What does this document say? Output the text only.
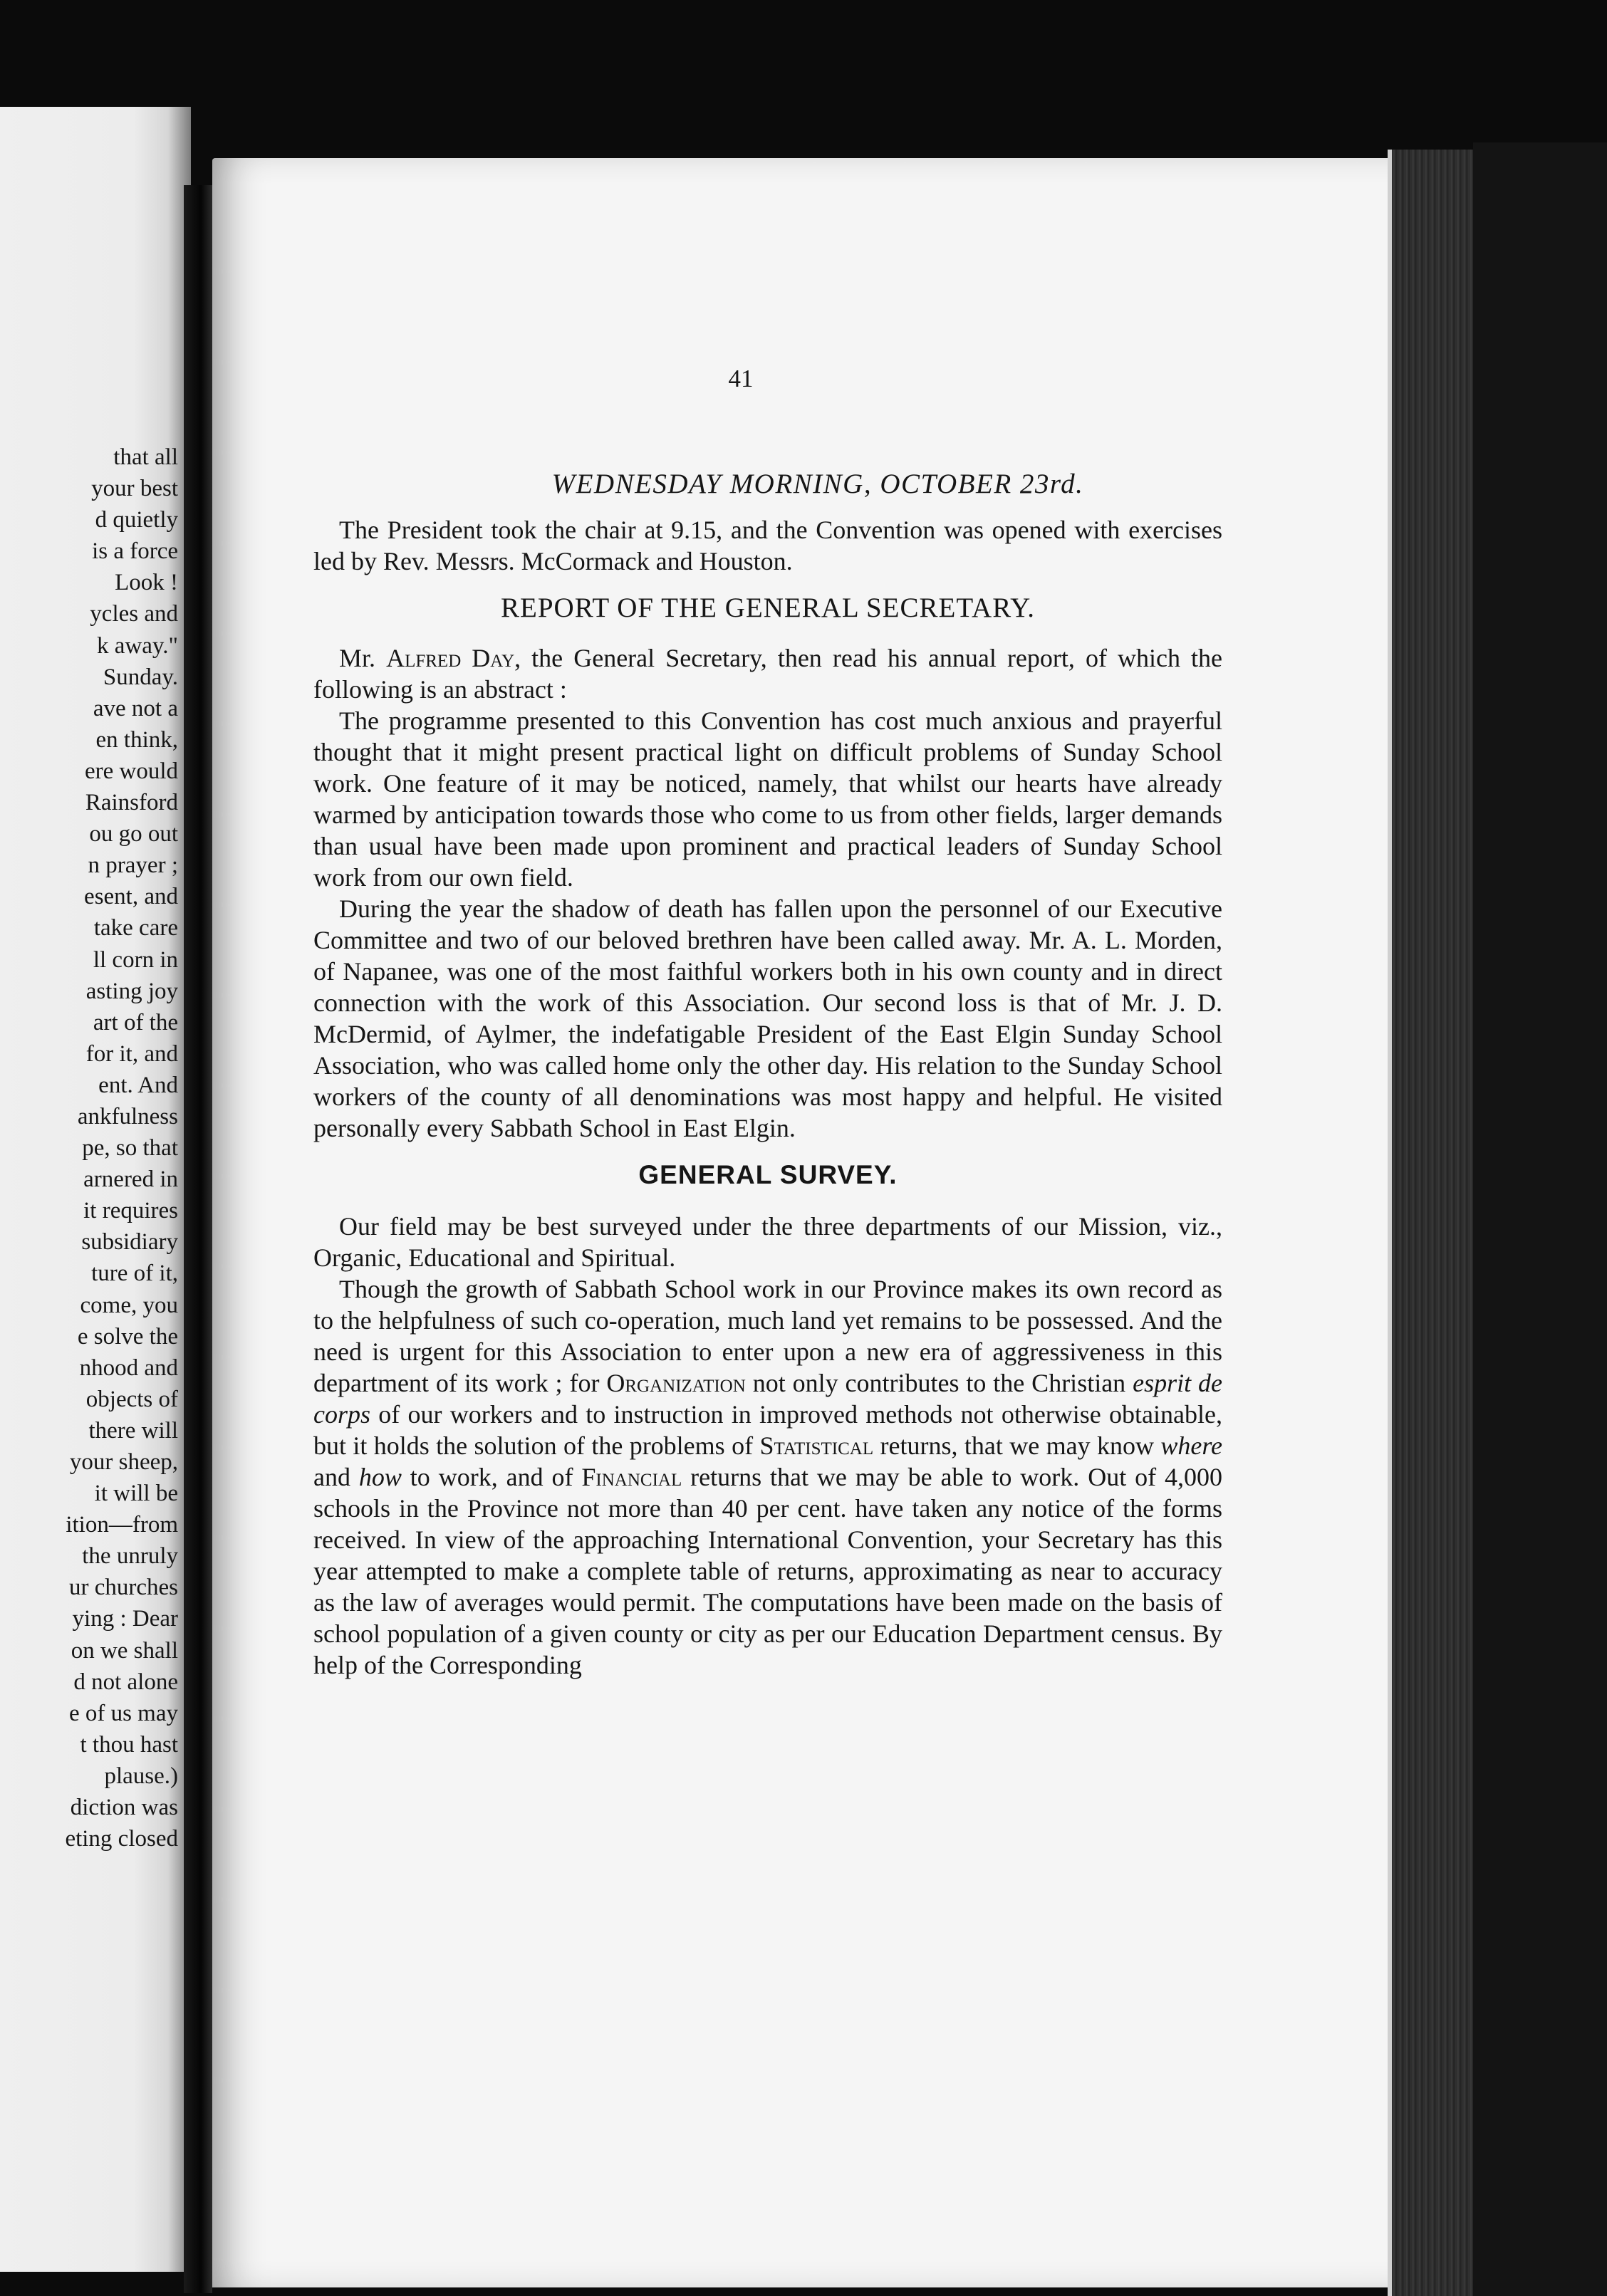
that all
your best
d quietly
is a force
Look !
ycles and
k away."
Sunday.
ave not a
en think,
ere would
Rainsford
ou go out
n prayer ;
esent, and
take care
ll corn in
asting joy
art of the
for it, and
ent. And
ankfulness
pe, so that
arnered in
it requires
subsidiary
ture of it,
come, you
e solve the
nhood and
objects of
there will
your sheep,
it will be
ition—from
the unruly
ur churches
ying : Dear
on we shall
d not alone
e of us may
t thou hast
plause.)
diction was
eting closed
41
WEDNESDAY MORNING, OCTOBER 23rd.

The President took the chair at 9.15, and the Convention was opened with exercises led by Rev. Messrs. McCormack and Houston.

REPORT OF THE GENERAL SECRETARY.

Mr. Alfred Day, the General Secretary, then read his annual report, of which the following is an abstract :

The programme presented to this Convention has cost much anxious and prayerful thought that it might present practical light on difficult problems of Sunday School work. One feature of it may be noticed, namely, that whilst our hearts have already warmed by anticipation towards those who come to us from other fields, larger demands than usual have been made upon prominent and practical leaders of Sunday School work from our own field.

During the year the shadow of death has fallen upon the personnel of our Executive Committee and two of our beloved brethren have been called away. Mr. A. L. Morden, of Napanee, was one of the most faithful workers both in his own county and in direct connection with the work of this Association. Our second loss is that of Mr. J. D. McDermid, of Aylmer, the indefatigable President of the East Elgin Sunday School Association, who was called home only the other day. His relation to the Sunday School workers of the county of all denominations was most happy and helpful. He visited personally every Sabbath School in East Elgin.

GENERAL SURVEY.

Our field may be best surveyed under the three departments of our Mission, viz., Organic, Educational and Spiritual.

Though the growth of Sabbath School work in our Province makes its own record as to the helpfulness of such co-operation, much land yet remains to be possessed. And the need is urgent for this Association to enter upon a new era of aggressiveness in this department of its work ; for Organization not only contributes to the Christian esprit de corps of our workers and to instruction in improved methods not otherwise obtainable, but it holds the solution of the problems of Statistical returns, that we may know where and how to work, and of Financial returns that we may be able to work. Out of 4,000 schools in the Province not more than 40 per cent. have taken any notice of the forms received. In view of the approaching International Convention, your Secretary has this year attempted to make a complete table of returns, approximating as near to accuracy as the law of averages would permit. The computations have been made on the basis of school population of a given county or city as per our Education Department census. By help of the Corresponding
